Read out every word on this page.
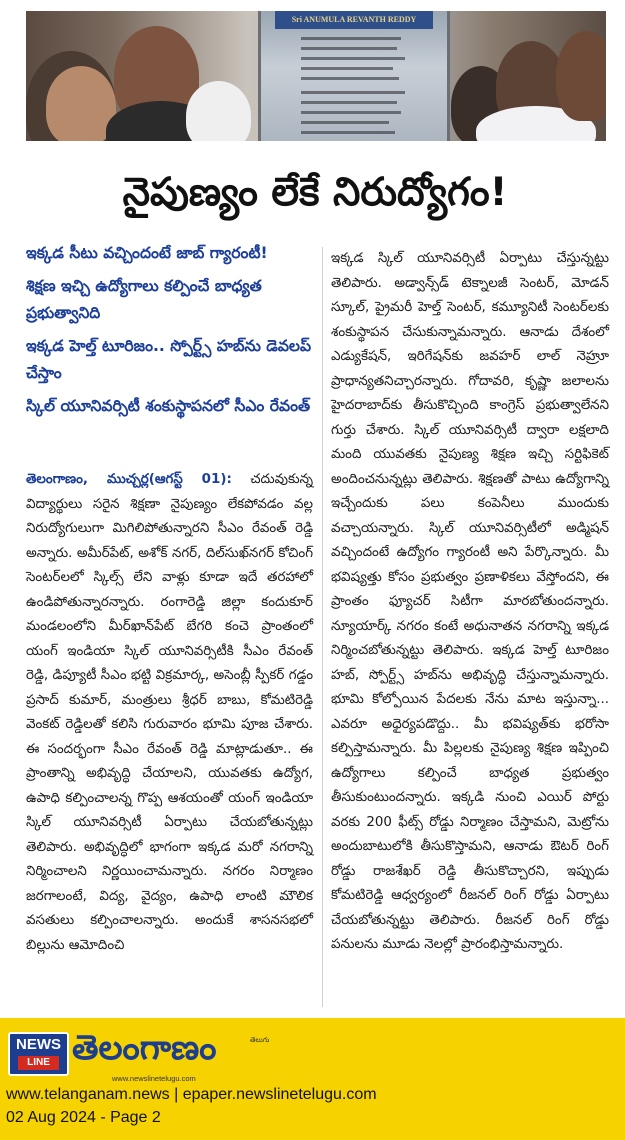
Sri ANUMULA REVANTH REDDY
నైపుణ్యం లేకే నిరుద్యోగం!
ఇక్కడ సీటు వచ్చిందంటే జాబ్ గ్యారంటీ!
శిక్షణ ఇచ్చి ఉద్యోగాలు కల్పించే బాధ్యత ప్రభుత్వానిది
ఇక్కడ హెల్త్ టూరిజం.. స్పోర్ట్స్ హబ్‌ను డెవలప్ చేస్తాం
స్కిల్ యూనివర్సిటీ శంకుస్థాపనలో సీఎం రేవంత్
తెలంగాణం, ముచ్చర్ల(ఆగస్ట్ 01): చదువుకున్న విద్యార్థులు సరైన శిక్షణా నైపుణ్యం లేకపోవడం వల్ల నిరుద్యోగులుగా మిగిలిపోతున్నారని సీఎం రేవంత్ రెడ్డి అన్నారు. అమీర్‌పేట్, అశోక్ నగర్, దిల్‌సుఖ్‌నగర్ కోచింగ్ సెంటర్‌లలో స్కిల్స్ లేని వాళ్లు కూడా ఇదే తరహాలో ఉండిపోతున్నారన్నారు. రంగారెడ్డి జిల్లా కందుకూర్ మండలంలోని మీర్‌ఖాన్‌పేట్ బేగరి కంచె ప్రాంతంలో యంగ్ ఇండియా స్కిల్ యూనివర్సిటీకి సీఎం రేవంత్ రెడ్డి, డిప్యూటీ సీఎం భట్టి విక్రమార్క, అసెంబ్లీ స్పీకర్ గడ్డం ప్రసాద్ కుమార్, మంత్రులు శ్రీధర్ బాబు, కోమటిరెడ్డి వెంకట్ రెడ్డిలతో కలిసి గురువారం భూమి పూజ చేశారు. ఈ సందర్భంగా సీఎం రేవంత్ రెడ్డి మాట్లాడుతూ.. ఈ ప్రాంతాన్ని అభివృద్ధి చేయాలని, యువతకు ఉద్యోగ, ఉపాధి కల్పించాలన్న గొప్ప ఆశయంతో యంగ్ ఇండియా స్కిల్ యూనివర్సిటీ ఏర్పాటు చేయబోతున్నట్లు తెలిపారు. అభివృద్ధిలో భాగంగా ఇక్కడ మరో నగరాన్ని నిర్మించాలని నిర్ణయించామన్నారు. నగరం నిర్మాణం జరగాలంటే, విద్య, వైద్యం, ఉపాధి లాంటి మౌలిక వసతులు కల్పించాలన్నారు. అందుకే శాసనసభలో బిల్లును ఆమోదించి
ఇక్కడ స్కిల్ యూనివర్సిటీ ఏర్పాటు చేస్తున్నట్టు తెలిపారు. అడ్వాన్స్‌డ్ టెక్నాలజీ సెంటర్, మోడన్ స్కూల్, ప్రైమరీ హెల్త్ సెంటర్, కమ్యూనిటీ సెంటర్‌లకు శంకుస్థాపన చేసుకున్నామన్నారు. ఆనాడు దేశంలో ఎడ్యుకేషన్, ఇరిగేషన్‌కు జవహర్ లాల్ నెహ్రూ ప్రాధాన్యతనిచ్చారన్నారు. గోదావరి, కృష్ణా జలాలను హైదరాబాద్‌కు తీసుకొచ్చింది కాంగ్రెస్ ప్రభుత్వాలేనని గుర్తు చేశారు. స్కిల్ యూనివర్సిటీ ద్వారా లక్షలాది మంది యువతకు నైపుణ్య శిక్షణ ఇచ్చి సర్టిఫికెట్ అందించనున్నట్లు తెలిపారు. శిక్షణతో పాటు ఉద్యోగాన్ని ఇచ్చేందుకు పలు కంపెనీలు ముందుకు వచ్చాయన్నారు. స్కిల్ యూనివర్సిటీలో అడ్మిషన్ వచ్చిందంటే ఉద్యోగం గ్యారంటీ అని పేర్కొన్నారు. మీ భవిష్యత్తు కోసం ప్రభుత్వం ప్రణాళికలు వేస్తోందని, ఈ ప్రాంతం ఫ్యూచర్ సిటీగా మారబోతుందన్నారు. న్యూయార్క్ నగరం కంటే అధునాతన నగరాన్ని ఇక్కడ నిర్మించబోతున్నట్టు తెలిపారు. ఇక్కడ హెల్త్ టూరిజం హబ్, స్పోర్ట్స్ హబ్‌ను అభివృద్ధి చేస్తున్నామన్నారు. భూమి కోల్పోయిన పేదలకు నేను మాట ఇస్తున్నా... ఎవరూ అధైర్యపడొద్దు.. మీ భవిష్యత్‌కు భరోసా కల్పిస్తామన్నారు. మీ పిల్లలకు నైపుణ్య శిక్షణ ఇప్పించి ఉద్యోగాలు కల్పించే బాధ్యత ప్రభుత్వం తీసుకుంటుందన్నారు. ఇక్కడి నుంచి ఎయిర్ పోర్టు వరకు 200 ఫీట్స్ రోడ్డు నిర్మాణం చేస్తామని, మెట్రోను అందుబాటులోకి తీసుకొస్తామని, ఆనాడు ఔటర్ రింగ్ రోడ్డు రాజశేఖర్ రెడ్డి తీసుకొచ్చారని, ఇప్పుడు కోమటిరెడ్డి ఆధ్వర్యంలో రీజనల్ రింగ్ రోడ్డు ఏర్పాటు చేయబోతున్నట్టు తెలిపారు. రీజనల్ రింగ్ రోడ్డు పనులను మూడు నెలల్లో ప్రారంభిస్తామన్నారు.
NEWS
LINE తెలంగాణం	తెలుగు
www.newslinetelugu.com
www.telanganam.news | epaper.newslinetelugu.com
02 Aug 2024 - Page 2
